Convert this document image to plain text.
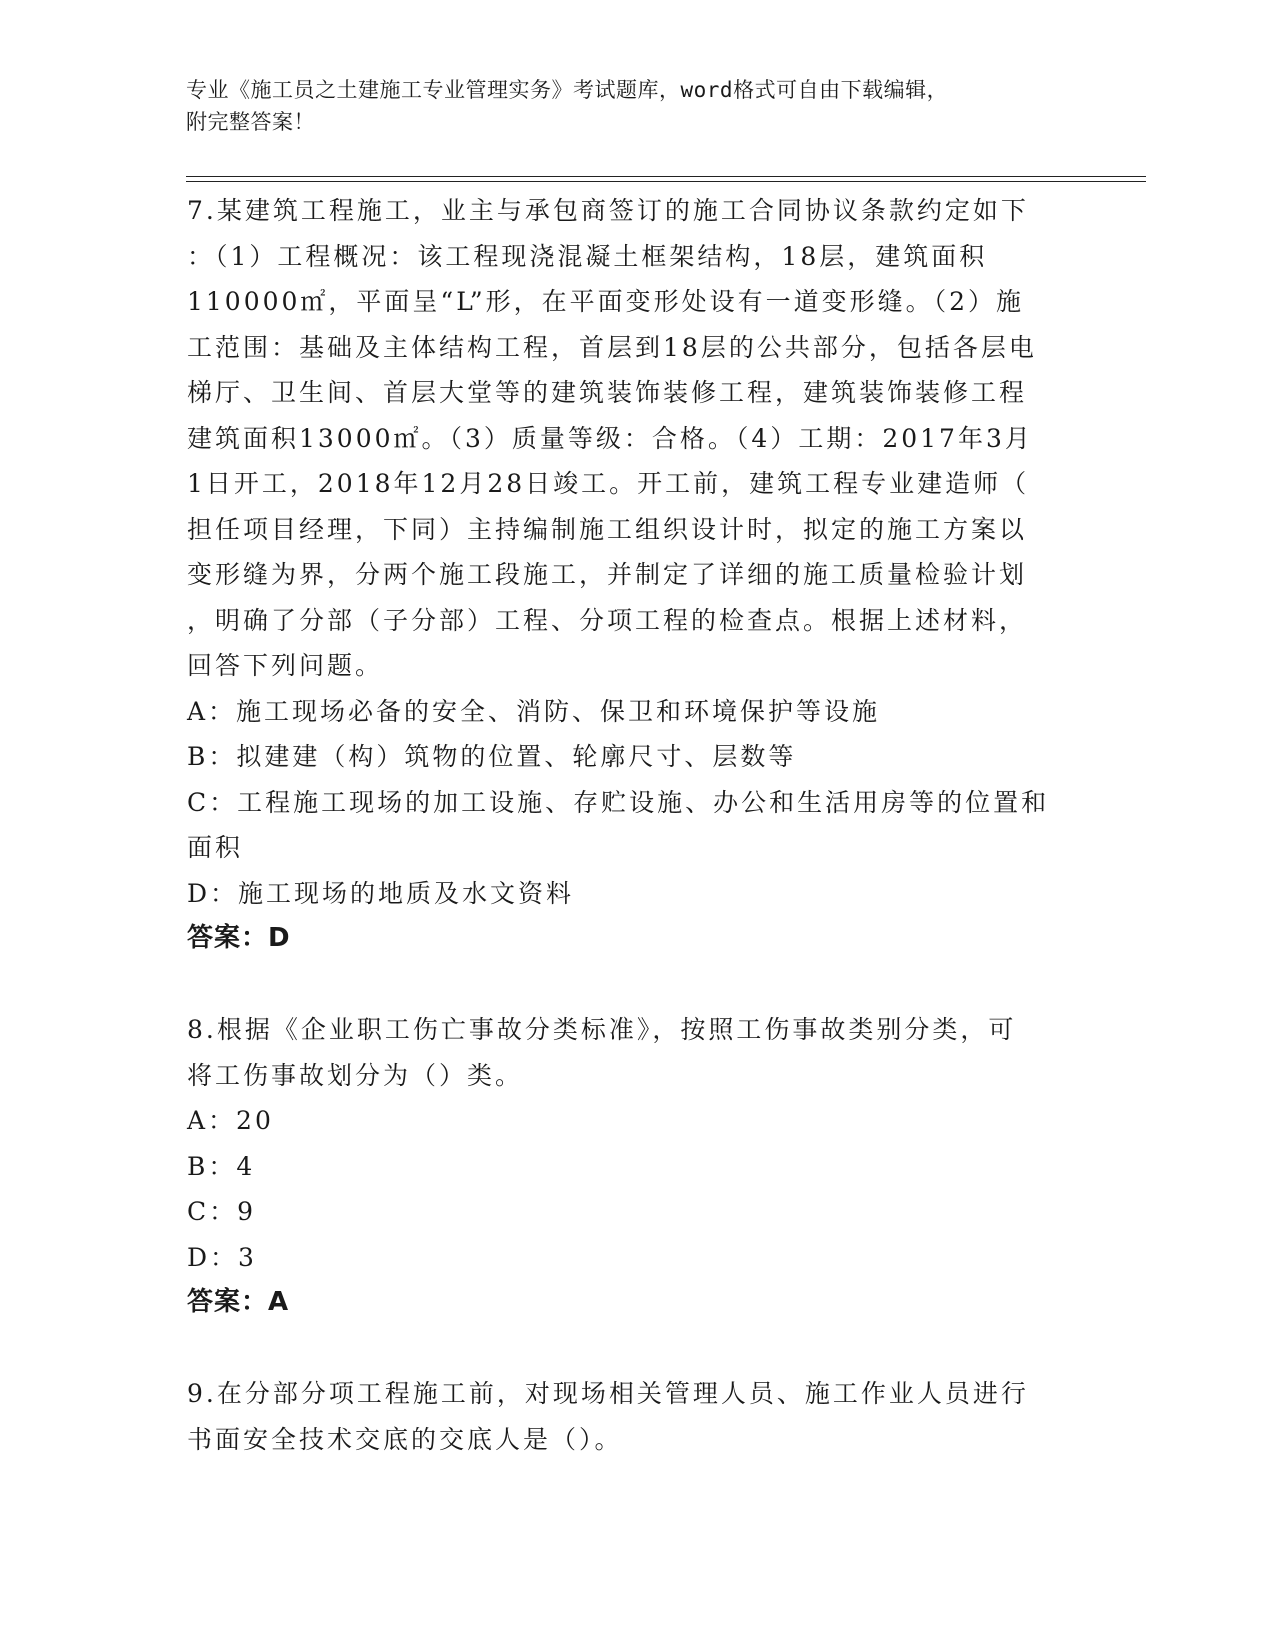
专业《施工员之土建施工专业管理实务》考试题库，word格式可自由下载编辑，
附完整答案！
7.某建筑工程施工，业主与承包商签订的施工合同协议条款约定如下
：（1）工程概况：该工程现浇混凝土框架结构，18层，建筑面积
110000㎡，平面呈“L”形，在平面变形处设有一道变形缝。（2）施
工范围：基础及主体结构工程，首层到18层的公共部分，包括各层电
梯厅、卫生间、首层大堂等的建筑装饰装修工程，建筑装饰装修工程
建筑面积13000㎡。（3）质量等级：合格。（4）工期：2017年3月
1日开工，2018年12月28日竣工。开工前，建筑工程专业建造师（
担任项目经理，下同）主持编制施工组织设计时，拟定的施工方案以
变形缝为界，分两个施工段施工，并制定了详细的施工质量检验计划
，明确了分部（子分部）工程、分项工程的检查点。根据上述材料，
回答下列问题。
A：施工现场必备的安全、消防、保卫和环境保护等设施
B：拟建建（构）筑物的位置、轮廓尺寸、层数等
C：工程施工现场的加工设施、存贮设施、办公和生活用房等的位置和
面积
D：施工现场的地质及水文资料
答案：D
8.根据《企业职工伤亡事故分类标准》，按照工伤事故类别分类，可
将工伤事故划分为（）类。
A：20
B：4
C：9
D：3
答案：A
9.在分部分项工程施工前，对现场相关管理人员、施工作业人员进行
书面安全技术交底的交底人是（）。
